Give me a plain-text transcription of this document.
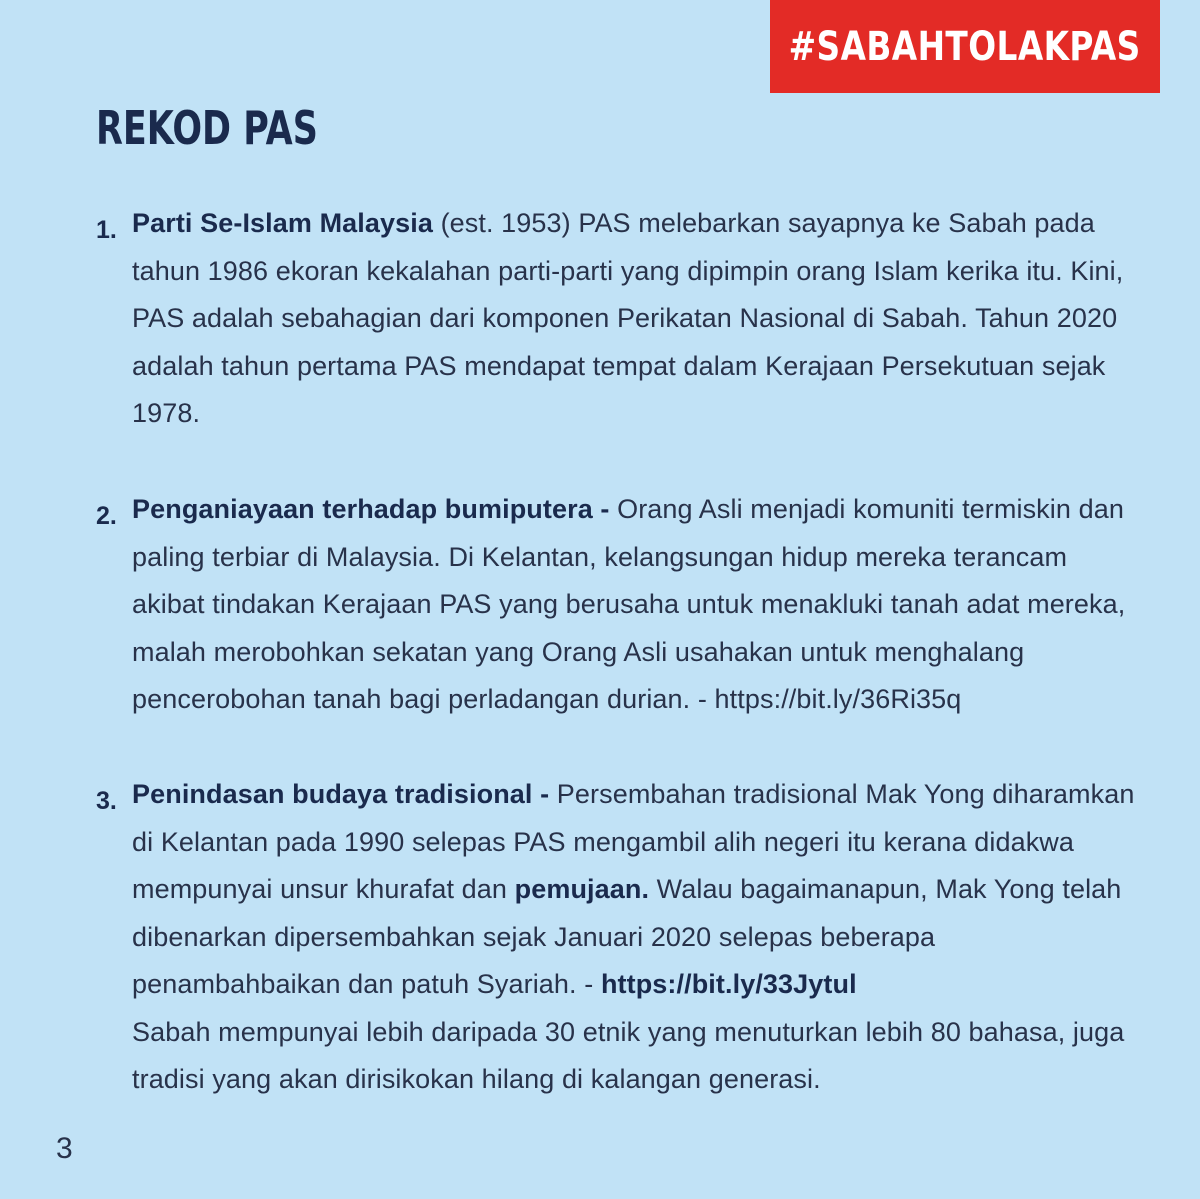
#SABAHTOLAKPAS
REKOD PAS
1. Parti Se-Islam Malaysia (est. 1953) PAS melebarkan sayapnya ke Sabah pada
tahun 1986 ekoran kekalahan parti-parti yang dipimpin orang Islam kerika itu. Kini,
PAS adalah sebahagian dari komponen Perikatan Nasional di Sabah. Tahun 2020
adalah tahun pertama PAS mendapat tempat dalam Kerajaan Persekutuan sejak
1978.
2. Penganiayaan terhadap bumiputera - Orang Asli menjadi komuniti termiskin dan
paling terbiar di Malaysia. Di Kelantan, kelangsungan hidup mereka terancam
akibat tindakan Kerajaan PAS yang berusaha untuk menakluki tanah adat mereka,
malah merobohkan sekatan yang Orang Asli usahakan untuk menghalang
pencerobohan tanah bagi perladangan durian. - https://bit.ly/36Ri35q
3. Penindasan budaya tradisional - Persembahan tradisional Mak Yong diharamkan
di Kelantan pada 1990 selepas PAS mengambil alih negeri itu kerana didakwa
mempunyai unsur khurafat dan pemujaan. Walau bagaimanapun, Mak Yong telah
dibenarkan dipersembahkan sejak Januari 2020 selepas beberapa
penambahbaikan dan patuh Syariah. - https://bit.ly/33Jytul
Sabah mempunyai lebih daripada 30 etnik yang menuturkan lebih 80 bahasa, juga
tradisi yang akan dirisikokan hilang di kalangan generasi.
3
